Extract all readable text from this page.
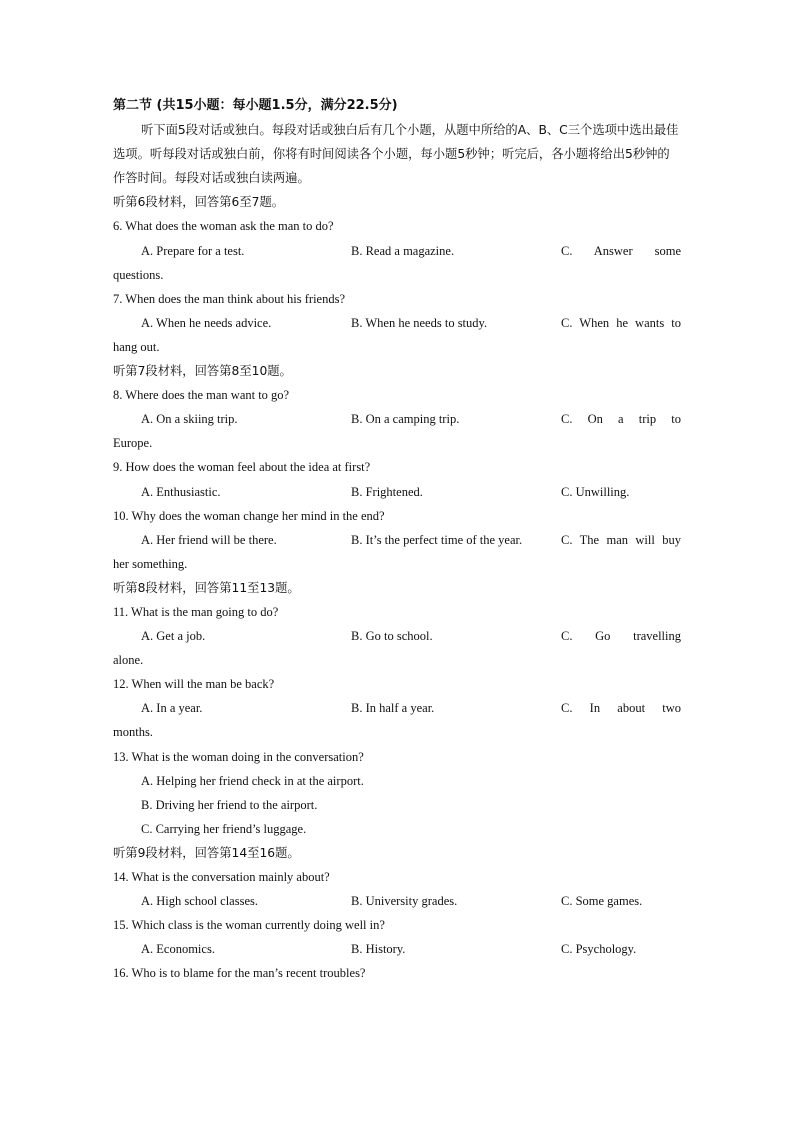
第二节 (共15小题：每小题1.5分，满分22.5分)
听下面5段对话或独白。每段对话或独白后有几个小题，从题中所给的A、B、C三个选项中选出最佳选项。听每段对话或独白前，你将有时间阅读各个小题，每小题5秒钟；听完后，各小题将给出5秒钟的作答时间。每段对话或独白读两遍。
听第6段材料，回答第6至7题。
6. What does the woman ask the man to do?
A. Prepare for a test.	B. Read a magazine.	C. Answer some
questions.
7. When does the man think about his friends?
A. When he needs advice.	B. When he needs to study.	C. When he wants to
hang out.
听第7段材料，回答第8至10题。
8. Where does the man want to go?
A. On a skiing trip.	B. On a camping trip.	C. On a trip to
Europe.
9. How does the woman feel about the idea at first?
A. Enthusiastic.	B. Frightened.	C. Unwilling.
10. Why does the woman change her mind in the end?
A. Her friend will be there.	B. It’s the perfect time of the year.	C. The man will buy
her something.
听第8段材料，回答第11至13题。
11. What is the man going to do?
A. Get a job.	B. Go to school.	C. Go travelling
alone.
12. When will the man be back?
A. In a year.	B. In half a year.	C. In about two
months.
13. What is the woman doing in the conversation?
A. Helping her friend check in at the airport.
B. Driving her friend to the airport.
C. Carrying her friend’s luggage.
听第9段材料，回答第14至16题。
14. What is the conversation mainly about?
A. High school classes.	B. University grades.	C. Some games.
15. Which class is the woman currently doing well in?
A. Economics.	B. History.	C. Psychology.
16. Who is to blame for the man’s recent troubles?
